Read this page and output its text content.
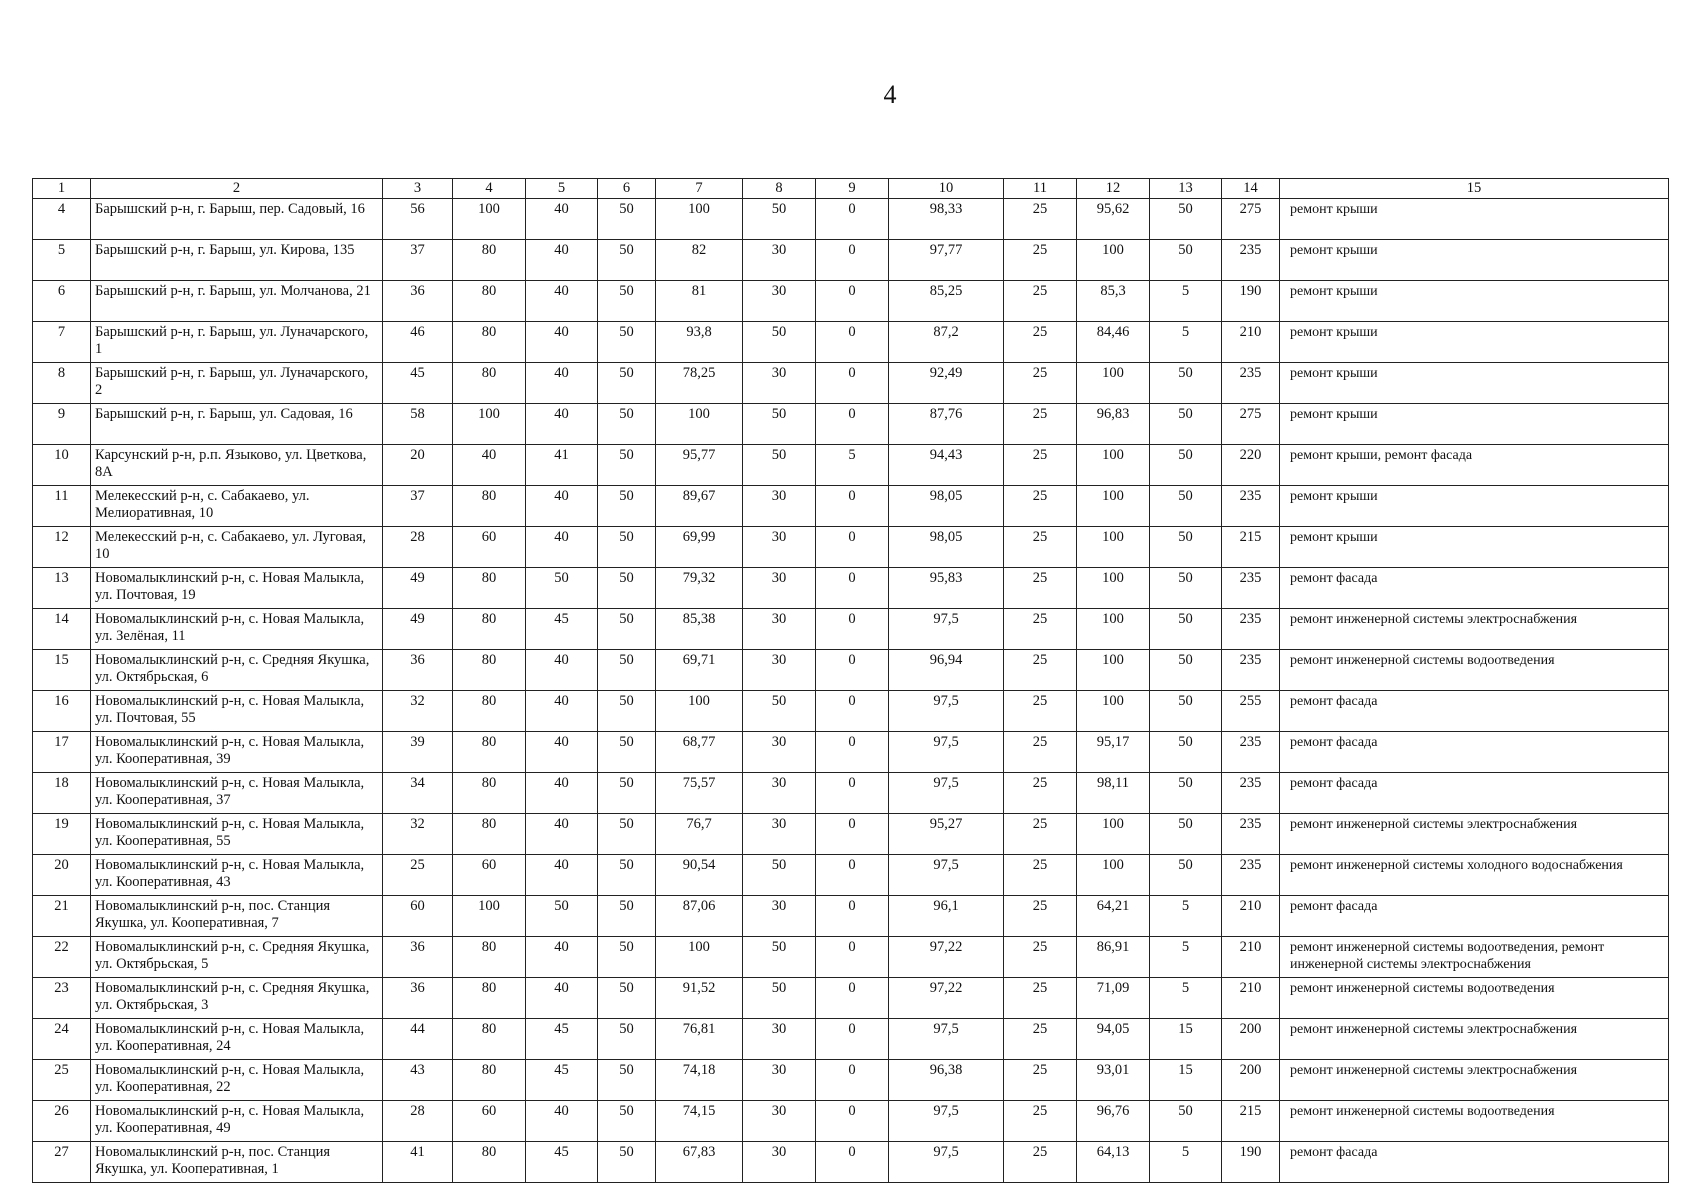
4
1	2	3	4	5	6	7	8	9	10	11	12	13	14	15
4	Барышский р-н, г. Барыш, пер. Садовый, 16	56	100	40	50	100	50	0	98,33	25	95,62	50	275	ремонт крыши
5	Барышский р-н, г. Барыш, ул. Кирова, 135	37	80	40	50	82	30	0	97,77	25	100	50	235	ремонт крыши
6	Барышский р-н, г. Барыш, ул. Молчанова, 21	36	80	40	50	81	30	0	85,25	25	85,3	5	190	ремонт крыши
7	Барышский р-н, г. Барыш, ул. Луначарского, 1	46	80	40	50	93,8	50	0	87,2	25	84,46	5	210	ремонт крыши
8	Барышский р-н, г. Барыш, ул. Луначарского, 2	45	80	40	50	78,25	30	0	92,49	25	100	50	235	ремонт крыши
9	Барышский р-н, г. Барыш, ул. Садовая, 16	58	100	40	50	100	50	0	87,76	25	96,83	50	275	ремонт крыши
10	Карсунский р-н, р.п. Языково, ул. Цветкова, 8А	20	40	41	50	95,77	50	5	94,43	25	100	50	220	ремонт крыши, ремонт фасада
11	Мелекесский р-н, с. Сабакаево, ул. Мелиоративная, 10	37	80	40	50	89,67	30	0	98,05	25	100	50	235	ремонт крыши
12	Мелекесский р-н, с. Сабакаево, ул. Луговая, 10	28	60	40	50	69,99	30	0	98,05	25	100	50	215	ремонт крыши
13	Новомалыклинский р-н, с. Новая Малыкла, ул. Почтовая, 19	49	80	50	50	79,32	30	0	95,83	25	100	50	235	ремонт фасада
14	Новомалыклинский р-н, с. Новая Малыкла, ул. Зелёная, 11	49	80	45	50	85,38	30	0	97,5	25	100	50	235	ремонт инженерной системы электроснабжения
15	Новомалыклинский р-н, с. Средняя Якушка, ул. Октябрьская, 6	36	80	40	50	69,71	30	0	96,94	25	100	50	235	ремонт инженерной системы водоотведения
16	Новомалыклинский р-н, с. Новая Малыкла, ул. Почтовая, 55	32	80	40	50	100	50	0	97,5	25	100	50	255	ремонт фасада
17	Новомалыклинский р-н, с. Новая Малыкла, ул. Кооперативная, 39	39	80	40	50	68,77	30	0	97,5	25	95,17	50	235	ремонт фасада
18	Новомалыклинский р-н, с. Новая Малыкла, ул. Кооперативная, 37	34	80	40	50	75,57	30	0	97,5	25	98,11	50	235	ремонт фасада
19	Новомалыклинский р-н, с. Новая Малыкла, ул. Кооперативная, 55	32	80	40	50	76,7	30	0	95,27	25	100	50	235	ремонт инженерной системы электроснабжения
20	Новомалыклинский р-н, с. Новая Малыкла, ул. Кооперативная, 43	25	60	40	50	90,54	50	0	97,5	25	100	50	235	ремонт инженерной системы холодного водоснабжения
21	Новомалыклинский р-н, пос. Станция Якушка, ул. Кооперативная, 7	60	100	50	50	87,06	30	0	96,1	25	64,21	5	210	ремонт фасада
22	Новомалыклинский р-н, с. Средняя Якушка, ул. Октябрьская, 5	36	80	40	50	100	50	0	97,22	25	86,91	5	210	ремонт инженерной системы водоотведения, ремонт инженерной системы электроснабжения
23	Новомалыклинский р-н, с. Средняя Якушка, ул. Октябрьская, 3	36	80	40	50	91,52	50	0	97,22	25	71,09	5	210	ремонт инженерной системы водоотведения
24	Новомалыклинский р-н, с. Новая Малыкла, ул. Кооперативная, 24	44	80	45	50	76,81	30	0	97,5	25	94,05	15	200	ремонт инженерной системы электроснабжения
25	Новомалыклинский р-н, с. Новая Малыкла, ул. Кооперативная, 22	43	80	45	50	74,18	30	0	96,38	25	93,01	15	200	ремонт инженерной системы электроснабжения
26	Новомалыклинский р-н, с. Новая Малыкла, ул. Кооперативная, 49	28	60	40	50	74,15	30	0	97,5	25	96,76	50	215	ремонт инженерной системы водоотведения
27	Новомалыклинский р-н, пос. Станция Якушка, ул. Кооперативная, 1	41	80	45	50	67,83	30	0	97,5	25	64,13	5	190	ремонт фасада
